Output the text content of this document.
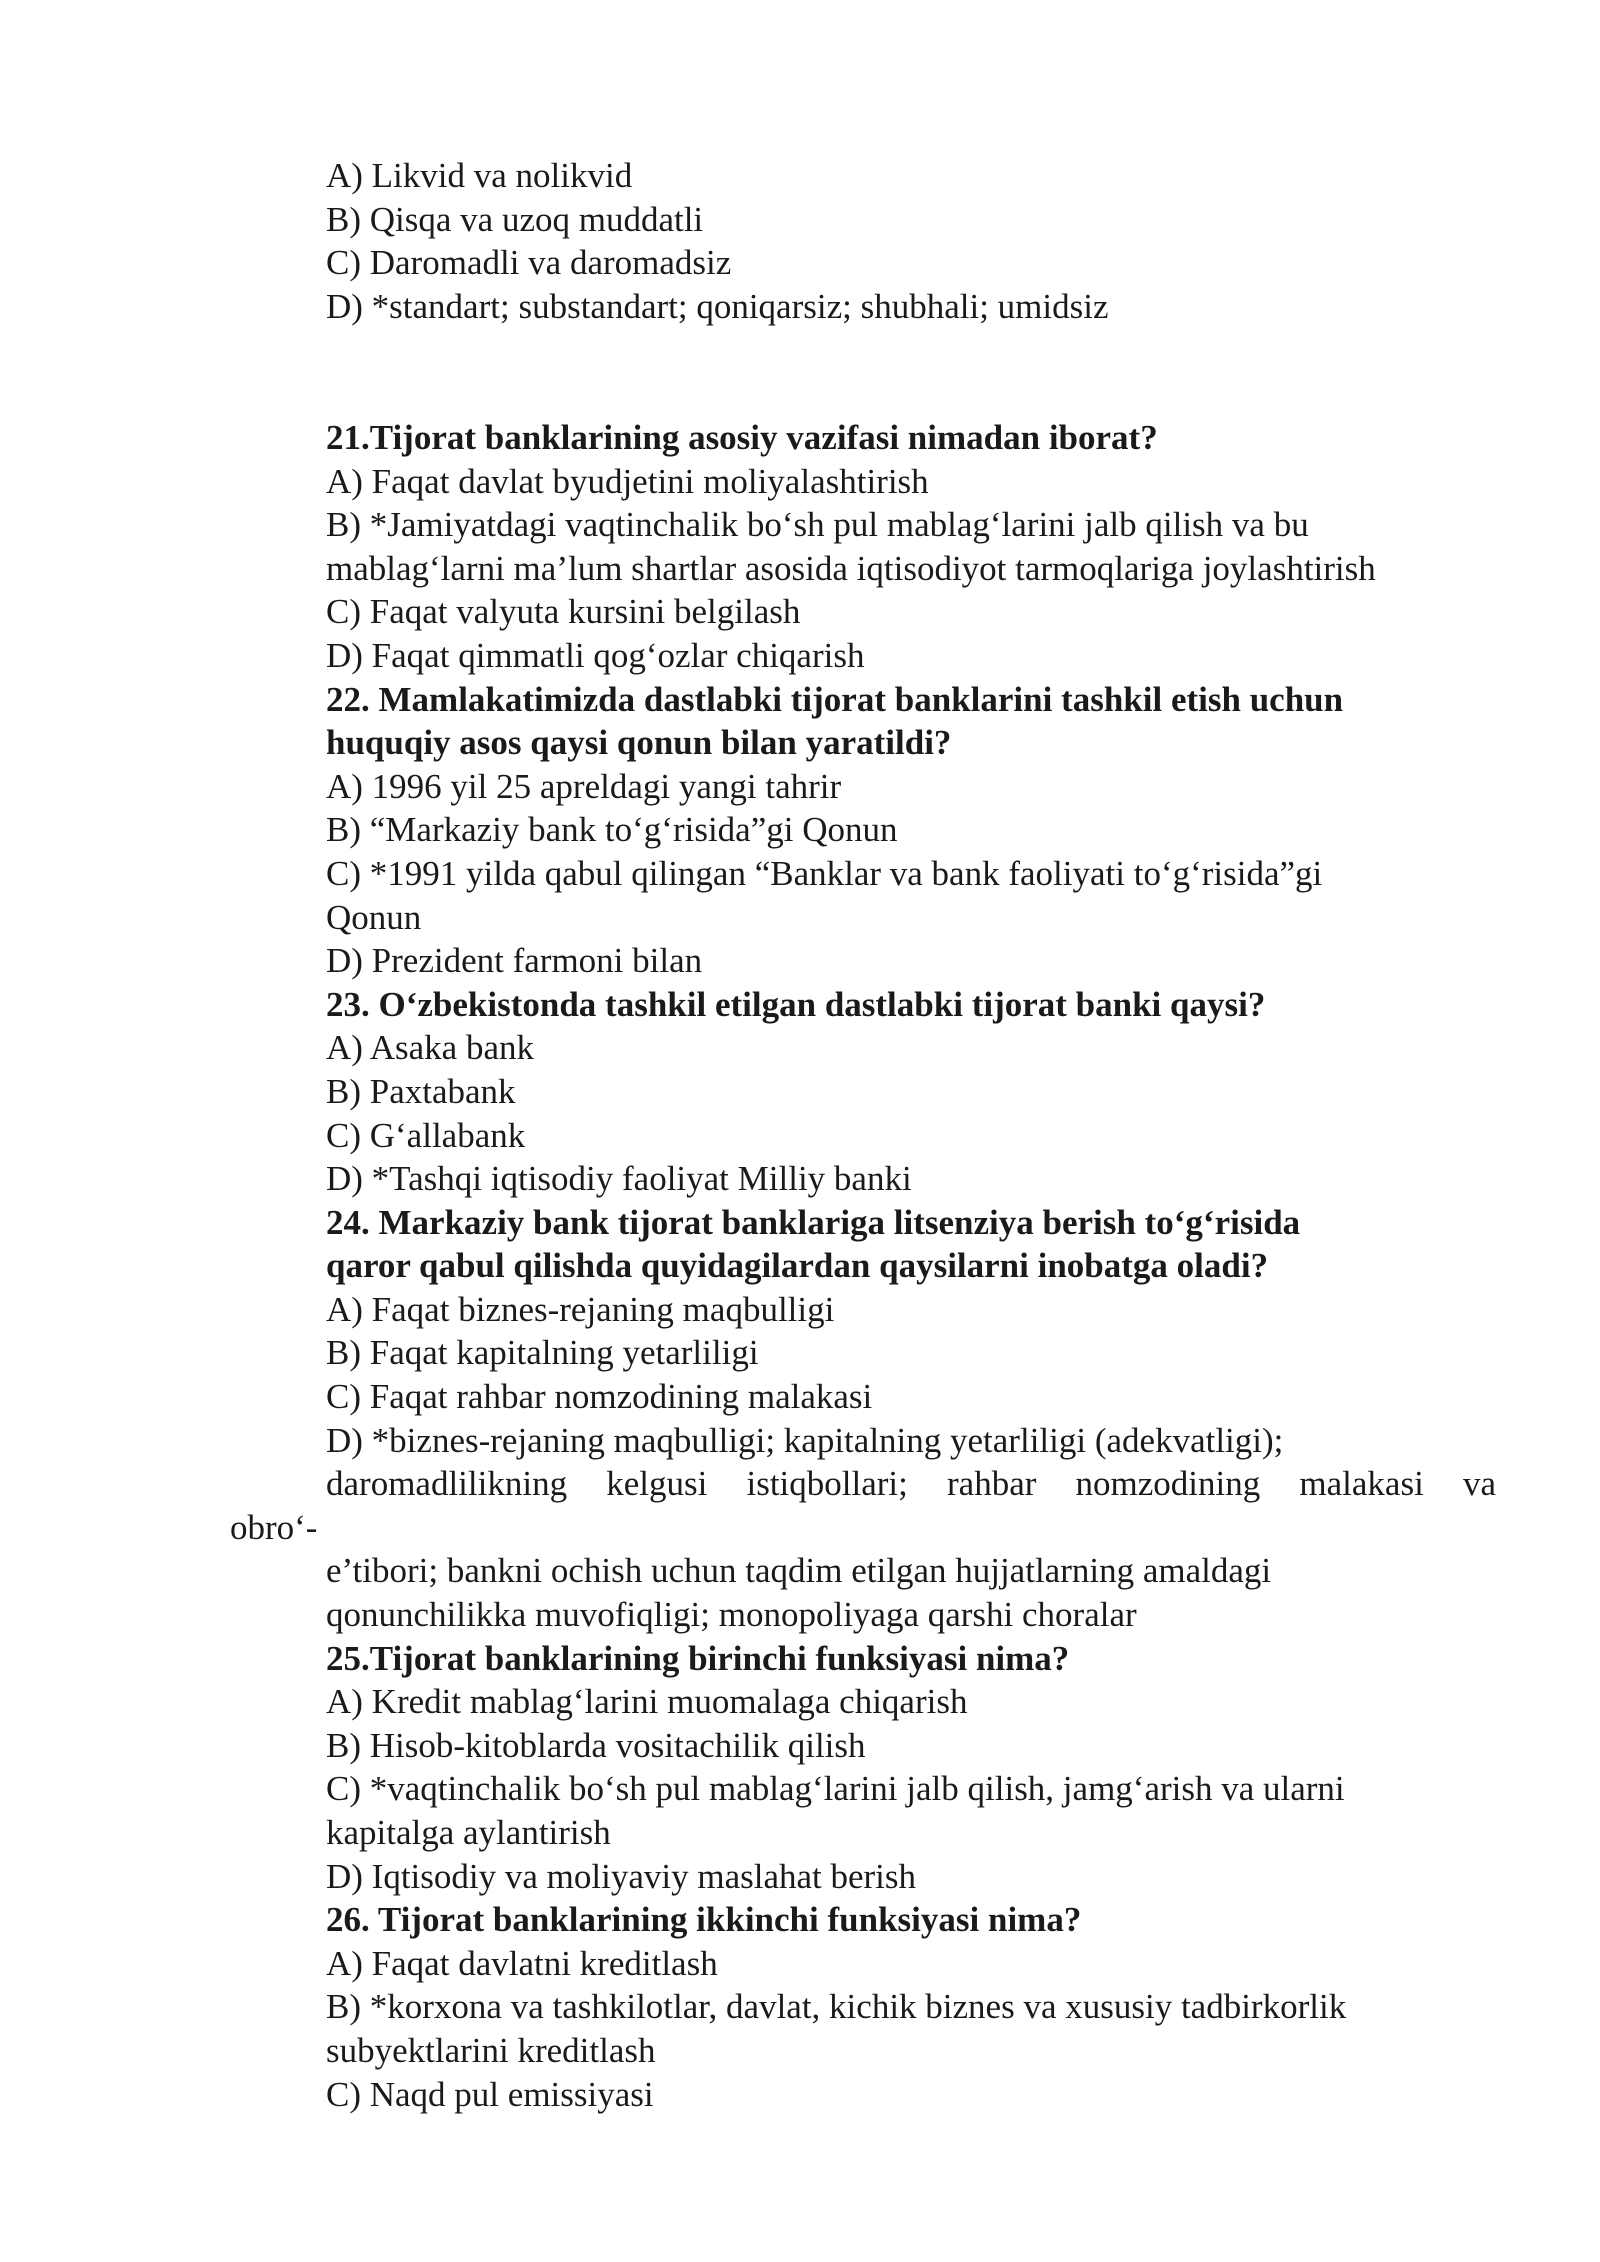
A) Likvid va nolikvid
B) Qisqa va uzoq muddatli
C) Daromadli va daromadsiz
D) *standart; substandart; qoniqarsiz; shubhali; umidsiz
21.Tijorat banklarining asosiy vazifasi nimadan iborat?
A) Faqat davlat byudjetini moliyalashtirish
B) *Jamiyatdagi vaqtinchalik bo‘sh pul mablag‘larini jalb qilish va bu
mablag‘larni ma’lum shartlar asosida iqtisodiyot tarmoqlariga joylashtirish
C) Faqat valyuta kursini belgilash
D) Faqat qimmatli qog‘ozlar chiqarish
22. Mamlakatimizda dastlabki tijorat banklarini tashkil etish uchun
huquqiy asos qaysi qonun bilan yaratildi?
A) 1996 yil 25 apreldagi yangi tahrir
B) “Markaziy bank to‘g‘risida”gi Qonun
C) *1991 yilda qabul qilingan “Banklar va bank faoliyati to‘g‘risida”gi
Qonun
D) Prezident farmoni bilan
23. O‘zbekistonda tashkil etilgan dastlabki tijorat banki qaysi?
A) Asaka bank
B) Paxtabank
C) G‘allabank
D) *Tashqi iqtisodiy faoliyat Milliy banki
24. Markaziy bank tijorat banklariga litsenziya berish to‘g‘risida
qaror qabul qilishda quyidagilardan qaysilarni inobatga oladi?
A) Faqat biznes-rejaning maqbulligi
B) Faqat kapitalning yetarliligi
C) Faqat rahbar nomzodining malakasi
D) *biznes-rejaning maqbulligi; kapitalning yetarliligi (adekvatligi);
daromadlilikning kelgusi istiqbollari; rahbar nomzodining malakasi va
obro‘-
e’tibori; bankni ochish uchun taqdim etilgan hujjatlarning amaldagi
qonunchilikka muvofiqligi; monopoliyaga qarshi choralar
25.Tijorat banklarining birinchi funksiyasi nima?
A) Kredit mablag‘larini muomalaga chiqarish
B) Hisob-kitoblarda vositachilik qilish
C) *vaqtinchalik bo‘sh pul mablag‘larini jalb qilish, jamg‘arish va ularni
kapitalga aylantirish
D) Iqtisodiy va moliyaviy maslahat berish
26. Tijorat banklarining ikkinchi funksiyasi nima?
A) Faqat davlatni kreditlash
B) *korxona va tashkilotlar, davlat, kichik biznes va xususiy tadbirkorlik
subyektlarini kreditlash
C) Naqd pul emissiyasi
